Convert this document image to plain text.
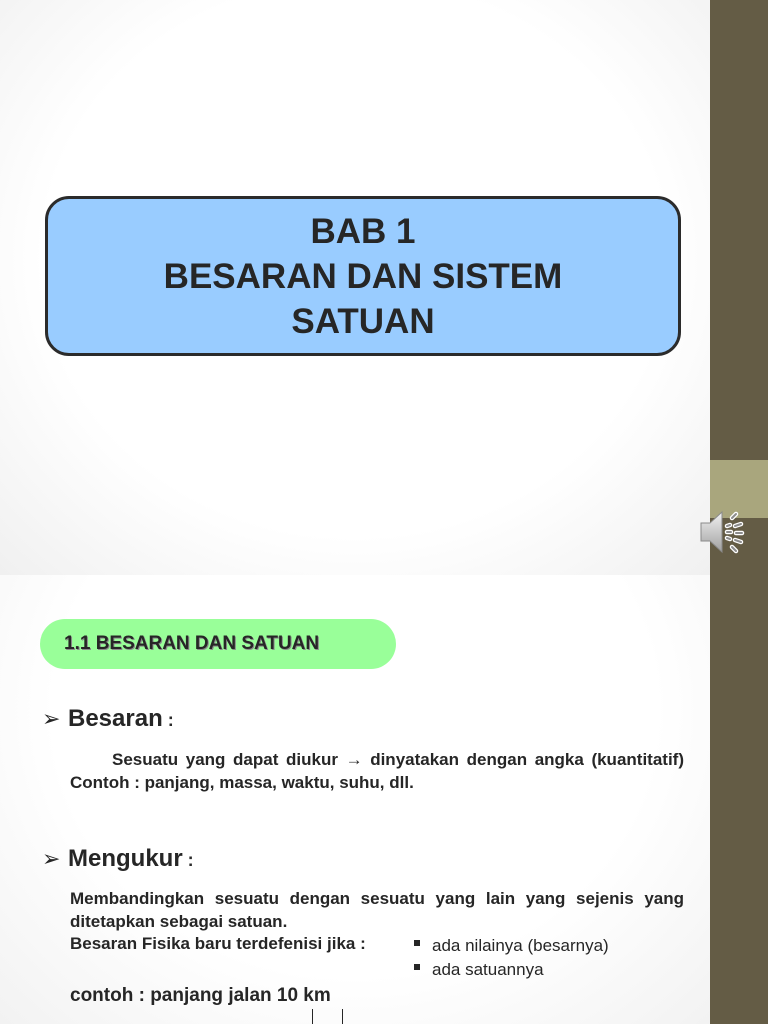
BAB 1
BESARAN DAN SISTEM
SATUAN
1.1 BESARAN DAN SATUAN
➢ Besaran :
Sesuatu yang dapat diukur → dinyatakan dengan angka (kuantitatif) Contoh : panjang, massa, waktu, suhu, dll.
➢ Mengukur :
Membandingkan sesuatu dengan sesuatu yang lain yang sejenis yang ditetapkan sebagai satuan.
Besaran Fisika baru terdefenisi jika :	ada nilainya (besarnya)
ada satuannya
contoh : panjang jalan 10 km
